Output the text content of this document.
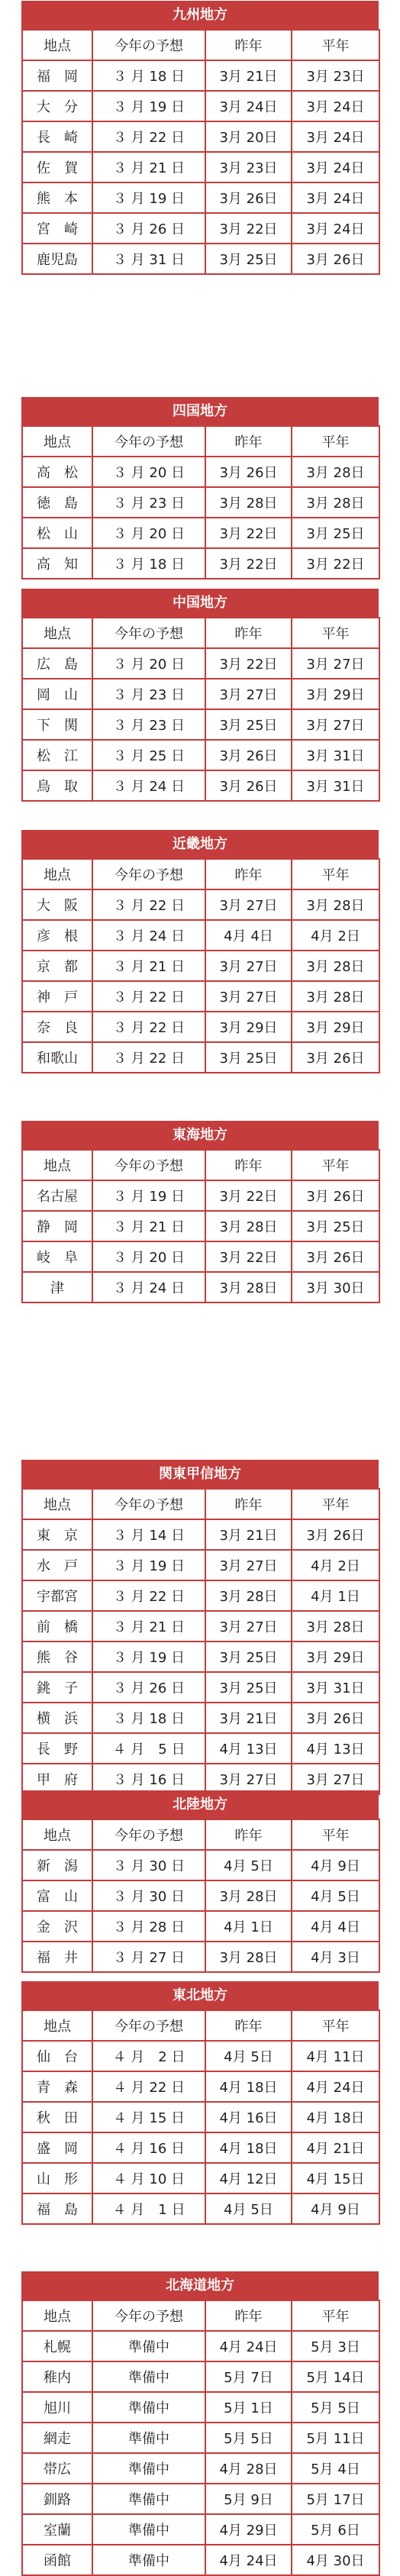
九州地方
地点	今年の予想	昨年	平年
福　岡	３ 月 18 日	3月 21日	3月 23日
大　分	３ 月 19 日	3月 24日	3月 24日
長　崎	３ 月 22 日	3月 20日	3月 24日
佐　賀	３ 月 21 日	3月 23日	3月 24日
熊　本	３ 月 19 日	3月 26日	3月 24日
宮　崎	３ 月 26 日	3月 22日	3月 24日
鹿児島	３ 月 31 日	3月 25日	3月 26日
四国地方
地点	今年の予想	昨年	平年
高　松	３ 月 20 日	3月 26日	3月 28日
徳　島	３ 月 23 日	3月 28日	3月 28日
松　山	３ 月 20 日	3月 22日	3月 25日
高　知	３ 月 18 日	3月 22日	3月 22日
中国地方
地点	今年の予想	昨年	平年
広　島	３ 月 20 日	3月 22日	3月 27日
岡　山	３ 月 23 日	3月 27日	3月 29日
下　関	３ 月 23 日	3月 25日	3月 27日
松　江	３ 月 25 日	3月 26日	3月 31日
鳥　取	３ 月 24 日	3月 26日	3月 31日
近畿地方
地点	今年の予想	昨年	平年
大　阪	３ 月 22 日	3月 27日	3月 28日
彦　根	３ 月 24 日	4月 4日	4月 2日
京　都	３ 月 21 日	3月 27日	3月 28日
神　戸	３ 月 22 日	3月 27日	3月 28日
奈　良	３ 月 22 日	3月 29日	3月 29日
和歌山	３ 月 22 日	3月 25日	3月 26日
東海地方
地点	今年の予想	昨年	平年
名古屋	３ 月 19 日	3月 22日	3月 26日
静　岡	３ 月 21 日	3月 28日	3月 25日
岐　阜	３ 月 20 日	3月 22日	3月 26日
津	３ 月 24 日	3月 28日	3月 30日
関東甲信地方
地点	今年の予想	昨年	平年
東　京	３ 月 14 日	3月 21日	3月 26日
水　戸	３ 月 19 日	3月 27日	4月 2日
宇都宮	３ 月 22 日	3月 28日	4月 1日
前　橋	３ 月 21 日	3月 27日	3月 28日
熊　谷	３ 月 19 日	3月 25日	3月 29日
銚　子	３ 月 26 日	3月 25日	3月 31日
横　浜	３ 月 18 日	3月 21日	3月 26日
長　野	４ 月　5 日	4月 13日	4月 13日
甲　府	３ 月 16 日	3月 27日	3月 27日
北陸地方
地点	今年の予想	昨年	平年
新　潟	３ 月 30 日	4月 5日	4月 9日
富　山	３ 月 30 日	3月 28日	4月 5日
金　沢	３ 月 28 日	4月 1日	4月 4日
福　井	３ 月 27 日	3月 28日	4月 3日
東北地方
地点	今年の予想	昨年	平年
仙　台	４ 月　2 日	4月 5日	4月 11日
青　森	４ 月 22 日	4月 18日	4月 24日
秋　田	４ 月 15 日	4月 16日	4月 18日
盛　岡	４ 月 16 日	4月 18日	4月 21日
山　形	４ 月 10 日	4月 12日	4月 15日
福　島	４ 月　1 日	4月 5日	4月 9日
北海道地方
地点	今年の予想	昨年	平年
札幌	準備中	4月 24日	5月 3日
稚内	準備中	5月 7日	5月 14日
旭川	準備中	5月 1日	5月 5日
網走	準備中	5月 5日	5月 11日
帯広	準備中	4月 28日	5月 4日
釧路	準備中	5月 9日	5月 17日
室蘭	準備中	4月 29日	5月 6日
函館	準備中	4月 24日	4月 30日
